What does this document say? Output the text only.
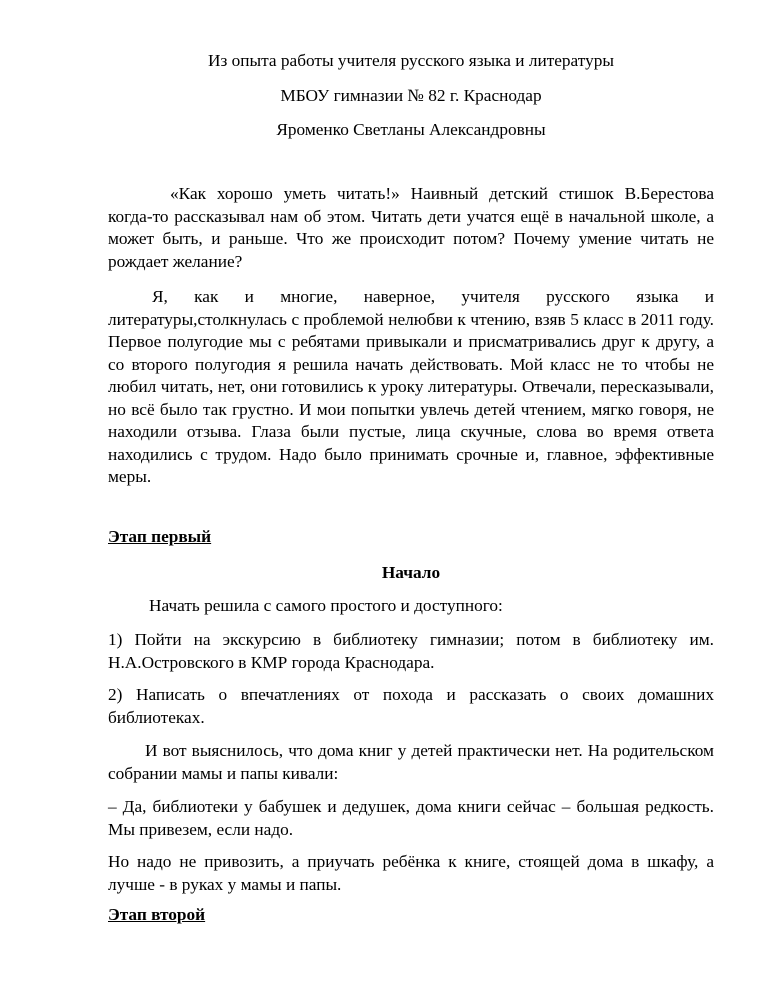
Из опыта работы учителя русского языка и литературы
МБОУ гимназии № 82 г. Краснодар
Яроменко Светланы Александровны
«Как хорошо уметь читать!» Наивный детский стишок В.Берестова когда-то рассказывал нам об этом. Читать дети учатся ещё в начальной школе, а может быть, и раньше. Что же происходит потом? Почему умение читать не рождает желание?
Я, как и многие, наверное, учителя русского языка и литературы,столкнулась с проблемой нелюбви к чтению, взяв 5 класс в 2011 году. Первое полугодие мы с ребятами привыкали и присматривались друг к другу, а со второго полугодия я решила начать действовать. Мой класс не то чтобы не любил читать, нет, они готовились к уроку литературы. Отвечали, пересказывали, но всё было так грустно. И мои попытки увлечь детей чтением, мягко говоря, не находили отзыва. Глаза были пустые, лица скучные, слова во время ответа находились с трудом. Надо было принимать срочные и, главное, эффективные меры.
Этап первый
Начало
Начать решила с самого простого и доступного:
1) Пойти на экскурсию в библиотеку гимназии; потом в библиотеку им. Н.А.Островского в КМР города Краснодара.
2) Написать о впечатлениях от похода и рассказать о своих домашних библиотеках.
И вот выяснилось, что дома книг у детей практически нет. На родительском собрании мамы и папы кивали:
– Да, библиотеки у бабушек и дедушек, дома книги сейчас – большая редкость. Мы привезем, если надо.
Но надо не привозить, а приучать ребёнка к книге, стоящей дома в шкафу, а лучше - в руках у мамы и папы.
Этап второй
